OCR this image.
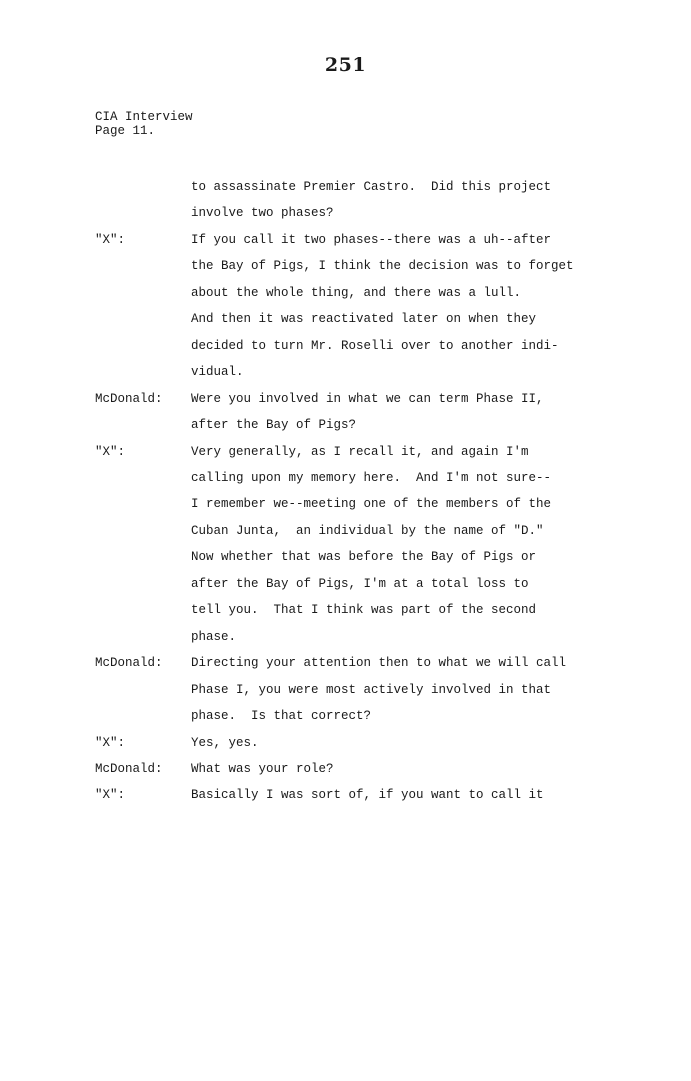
251
CIA Interview
Page 11.
to assassinate Premier Castro.  Did this project
involve two phases?
"X":	If you call it two phases--there was a uh--after
the Bay of Pigs, I think the decision was to forget
about the whole thing, and there was a lull.
And then it was reactivated later on when they
decided to turn Mr. Roselli over to another indi-
vidual.
McDonald:	Were you involved in what we can term Phase II,
after the Bay of Pigs?
"X":	Very generally, as I recall it, and again I'm
calling upon my memory here.  And I'm not sure--
I remember we--meeting one of the members of the
Cuban Junta,  an individual by the name of "D."
Now whether that was before the Bay of Pigs or
after the Bay of Pigs, I'm at a total loss to
tell you.  That I think was part of the second
phase.
McDonald:	Directing your attention then to what we will call
Phase I, you were most actively involved in that
phase.  Is that correct?
"X":	Yes, yes.
McDonald:	What was your role?
"X":	Basically I was sort of, if you want to call it
